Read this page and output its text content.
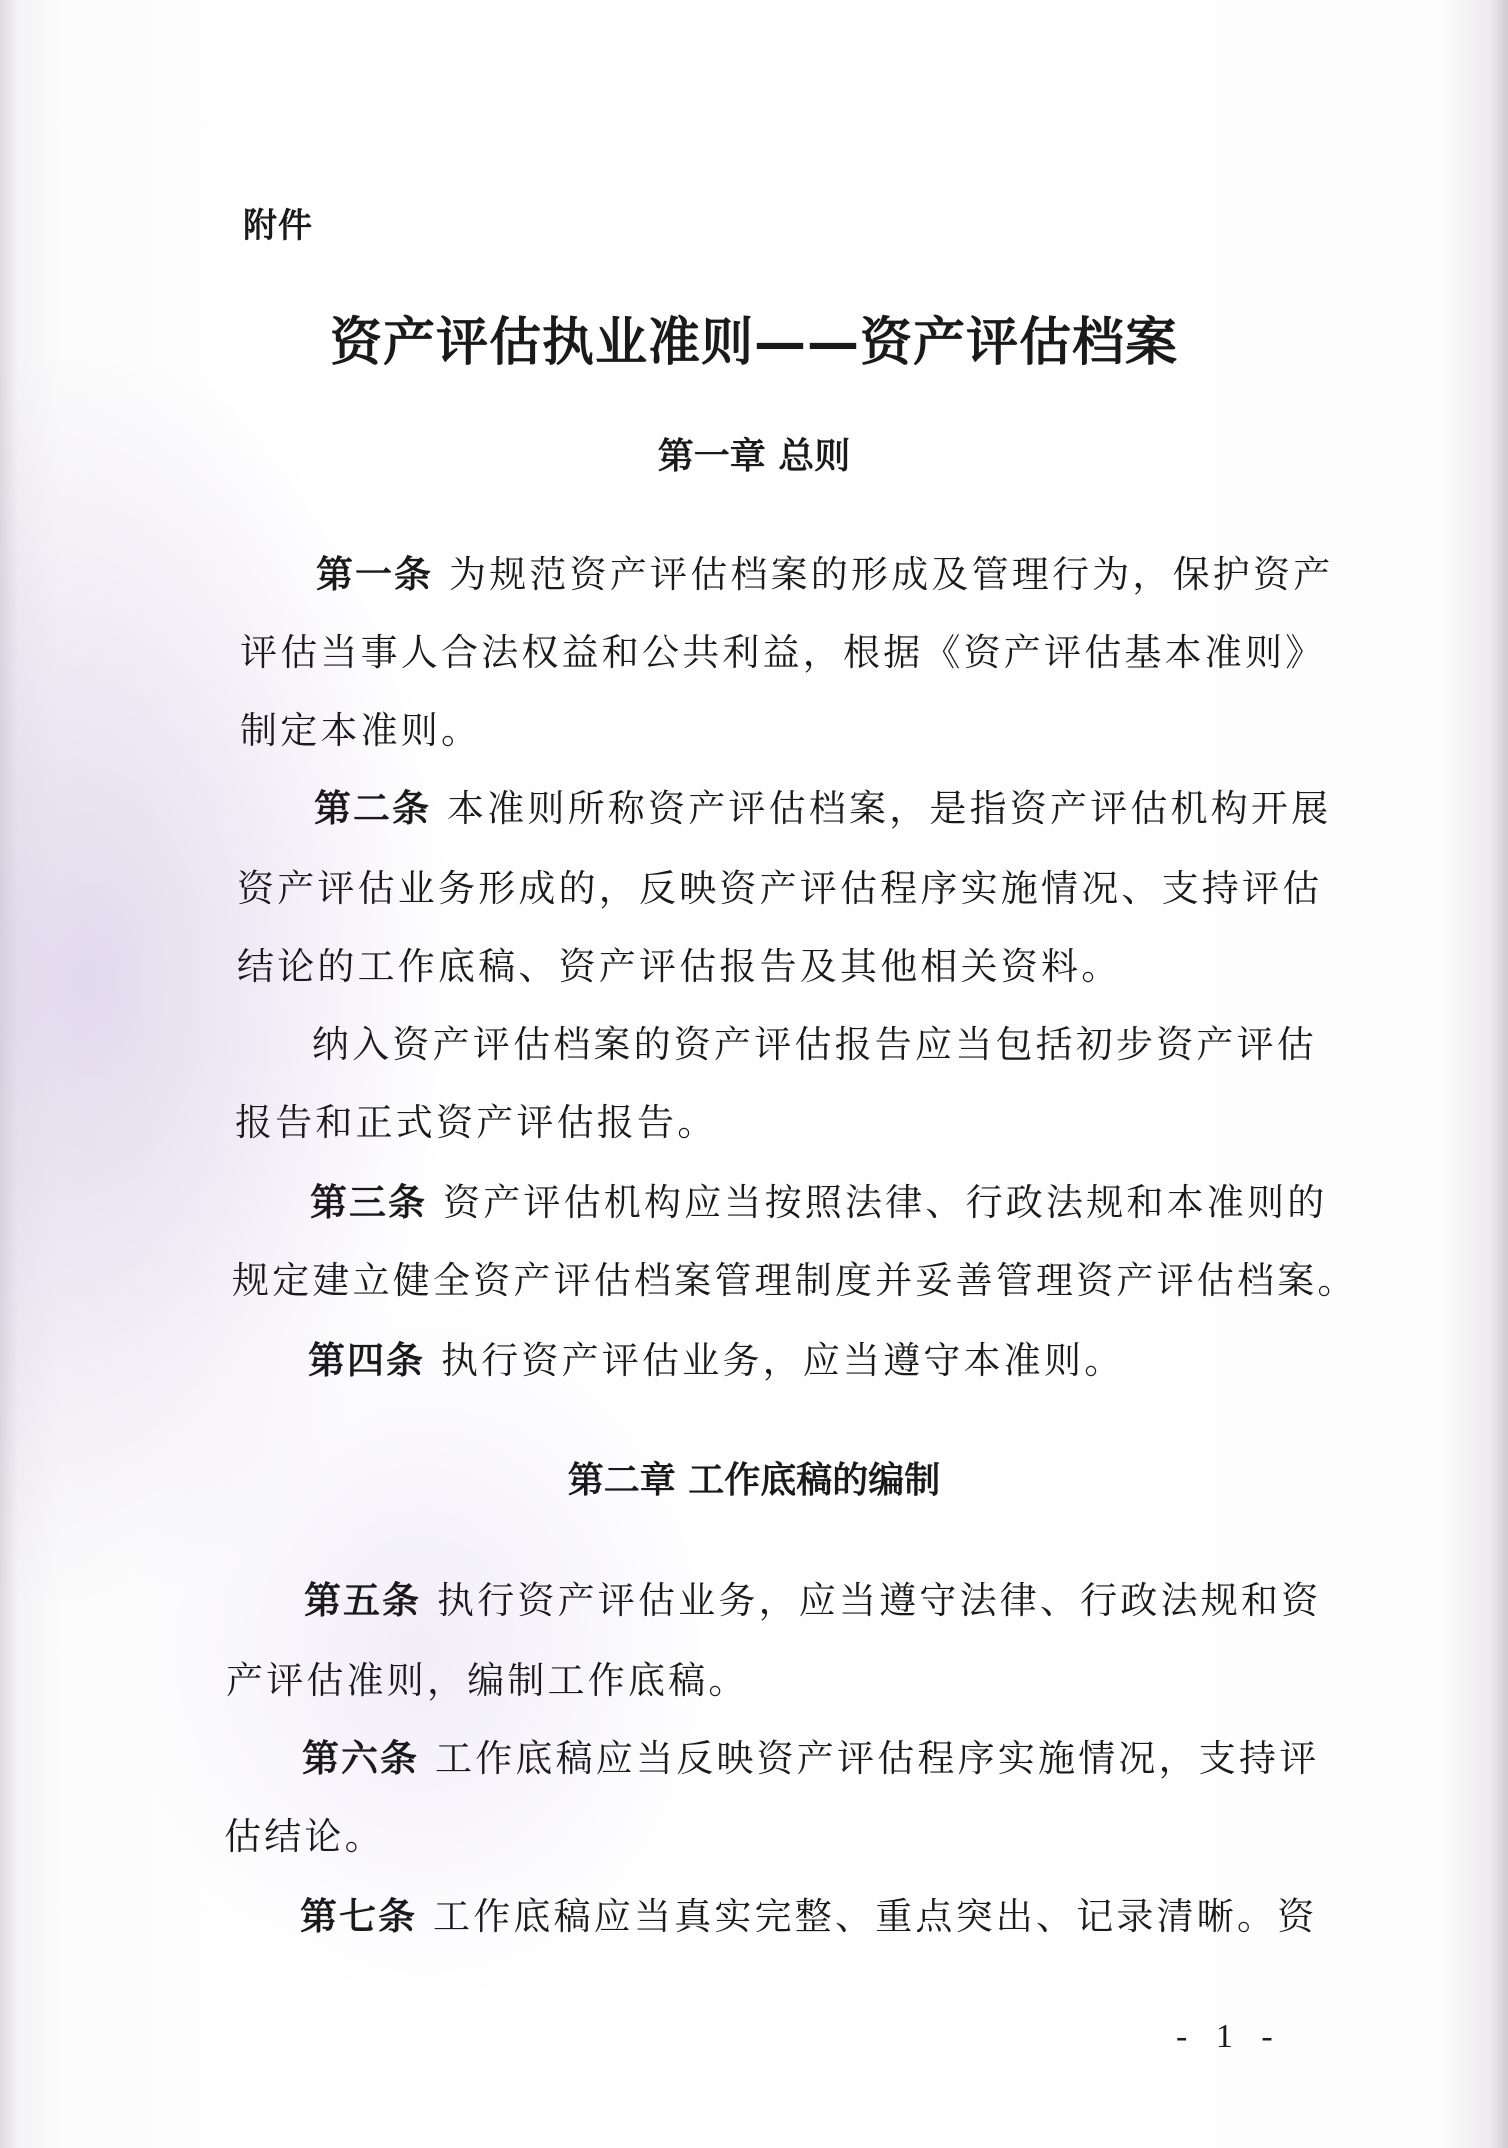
附件
资产评估执业准则——资产评估档案
第一章 总则
第一条 为规范资产评估档案的形成及管理行为，保护资产
评估当事人合法权益和公共利益，根据《资产评估基本准则》
制定本准则。
第二条 本准则所称资产评估档案，是指资产评估机构开展
资产评估业务形成的，反映资产评估程序实施情况、支持评估
结论的工作底稿、资产评估报告及其他相关资料。
纳入资产评估档案的资产评估报告应当包括初步资产评估
报告和正式资产评估报告。
第三条 资产评估机构应当按照法律、行政法规和本准则的
规定建立健全资产评估档案管理制度并妥善管理资产评估档案。
第四条 执行资产评估业务，应当遵守本准则。
第二章 工作底稿的编制
第五条 执行资产评估业务，应当遵守法律、行政法规和资
产评估准则，编制工作底稿。
第六条 工作底稿应当反映资产评估程序实施情况，支持评
估结论。
第七条 工作底稿应当真实完整、重点突出、记录清晰。资
- 1 -
